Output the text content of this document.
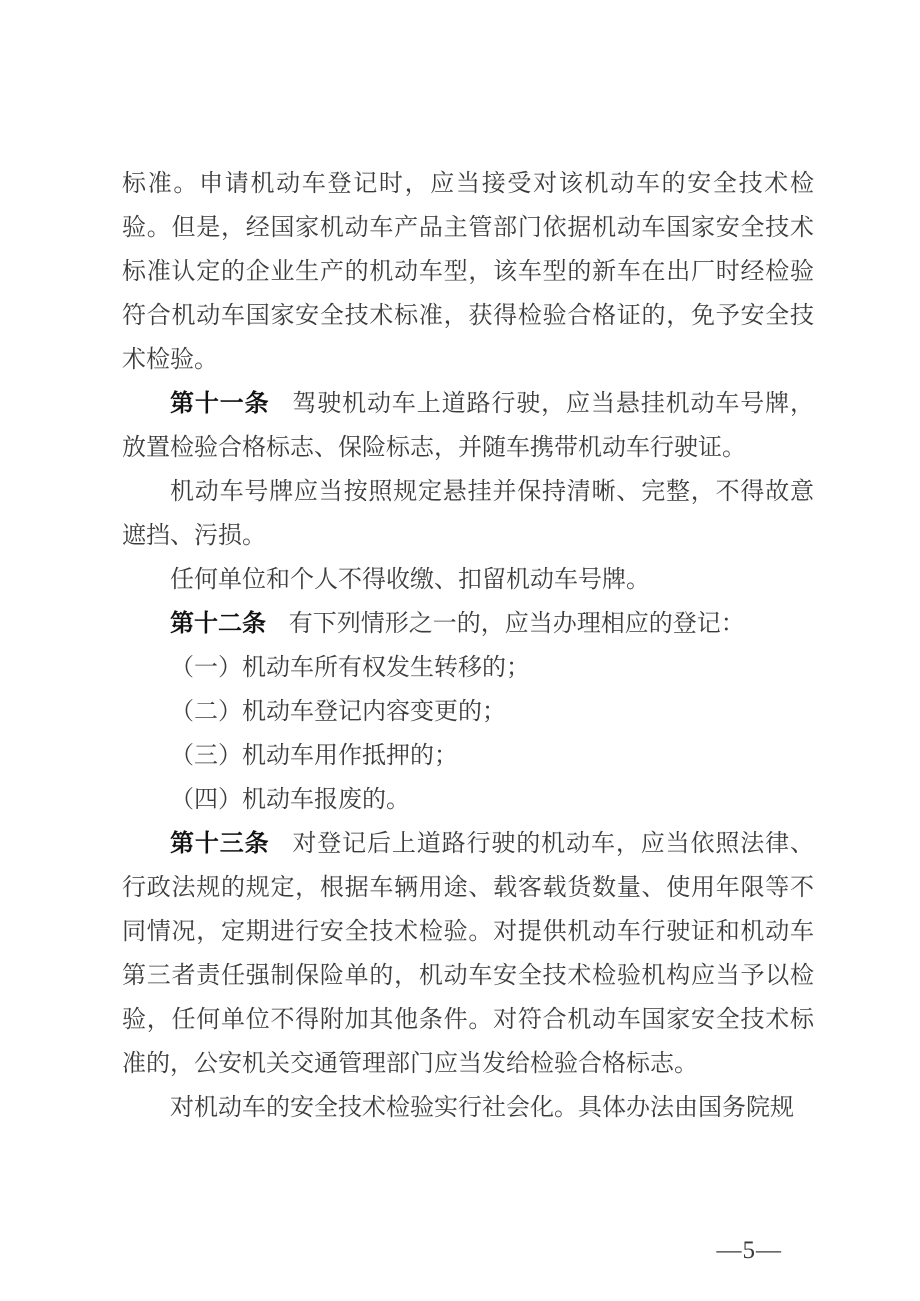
标准。申请机动车登记时，应当接受对该机动车的安全技术检验。但是，经国家机动车产品主管部门依据机动车国家安全技术标准认定的企业生产的机动车型，该车型的新车在出厂时经检验符合机动车国家安全技术标准，获得检验合格证的，免予安全技术检验。

第十一条 驾驶机动车上道路行驶，应当悬挂机动车号牌，放置检验合格标志、保险标志，并随车携带机动车行驶证。

机动车号牌应当按照规定悬挂并保持清晰、完整，不得故意遮挡、污损。

任何单位和个人不得收缴、扣留机动车号牌。

第十二条 有下列情形之一的，应当办理相应的登记：

（一）机动车所有权发生转移的；

（二）机动车登记内容变更的；

（三）机动车用作抵押的；

（四）机动车报废的。

第十三条 对登记后上道路行驶的机动车，应当依照法律、行政法规的规定，根据车辆用途、载客载货数量、使用年限等不同情况，定期进行安全技术检验。对提供机动车行驶证和机动车第三者责任强制保险单的，机动车安全技术检验机构应当予以检验，任何单位不得附加其他条件。对符合机动车国家安全技术标准的，公安机关交通管理部门应当发给检验合格标志。

对机动车的安全技术检验实行社会化。具体办法由国务院规

—5—
